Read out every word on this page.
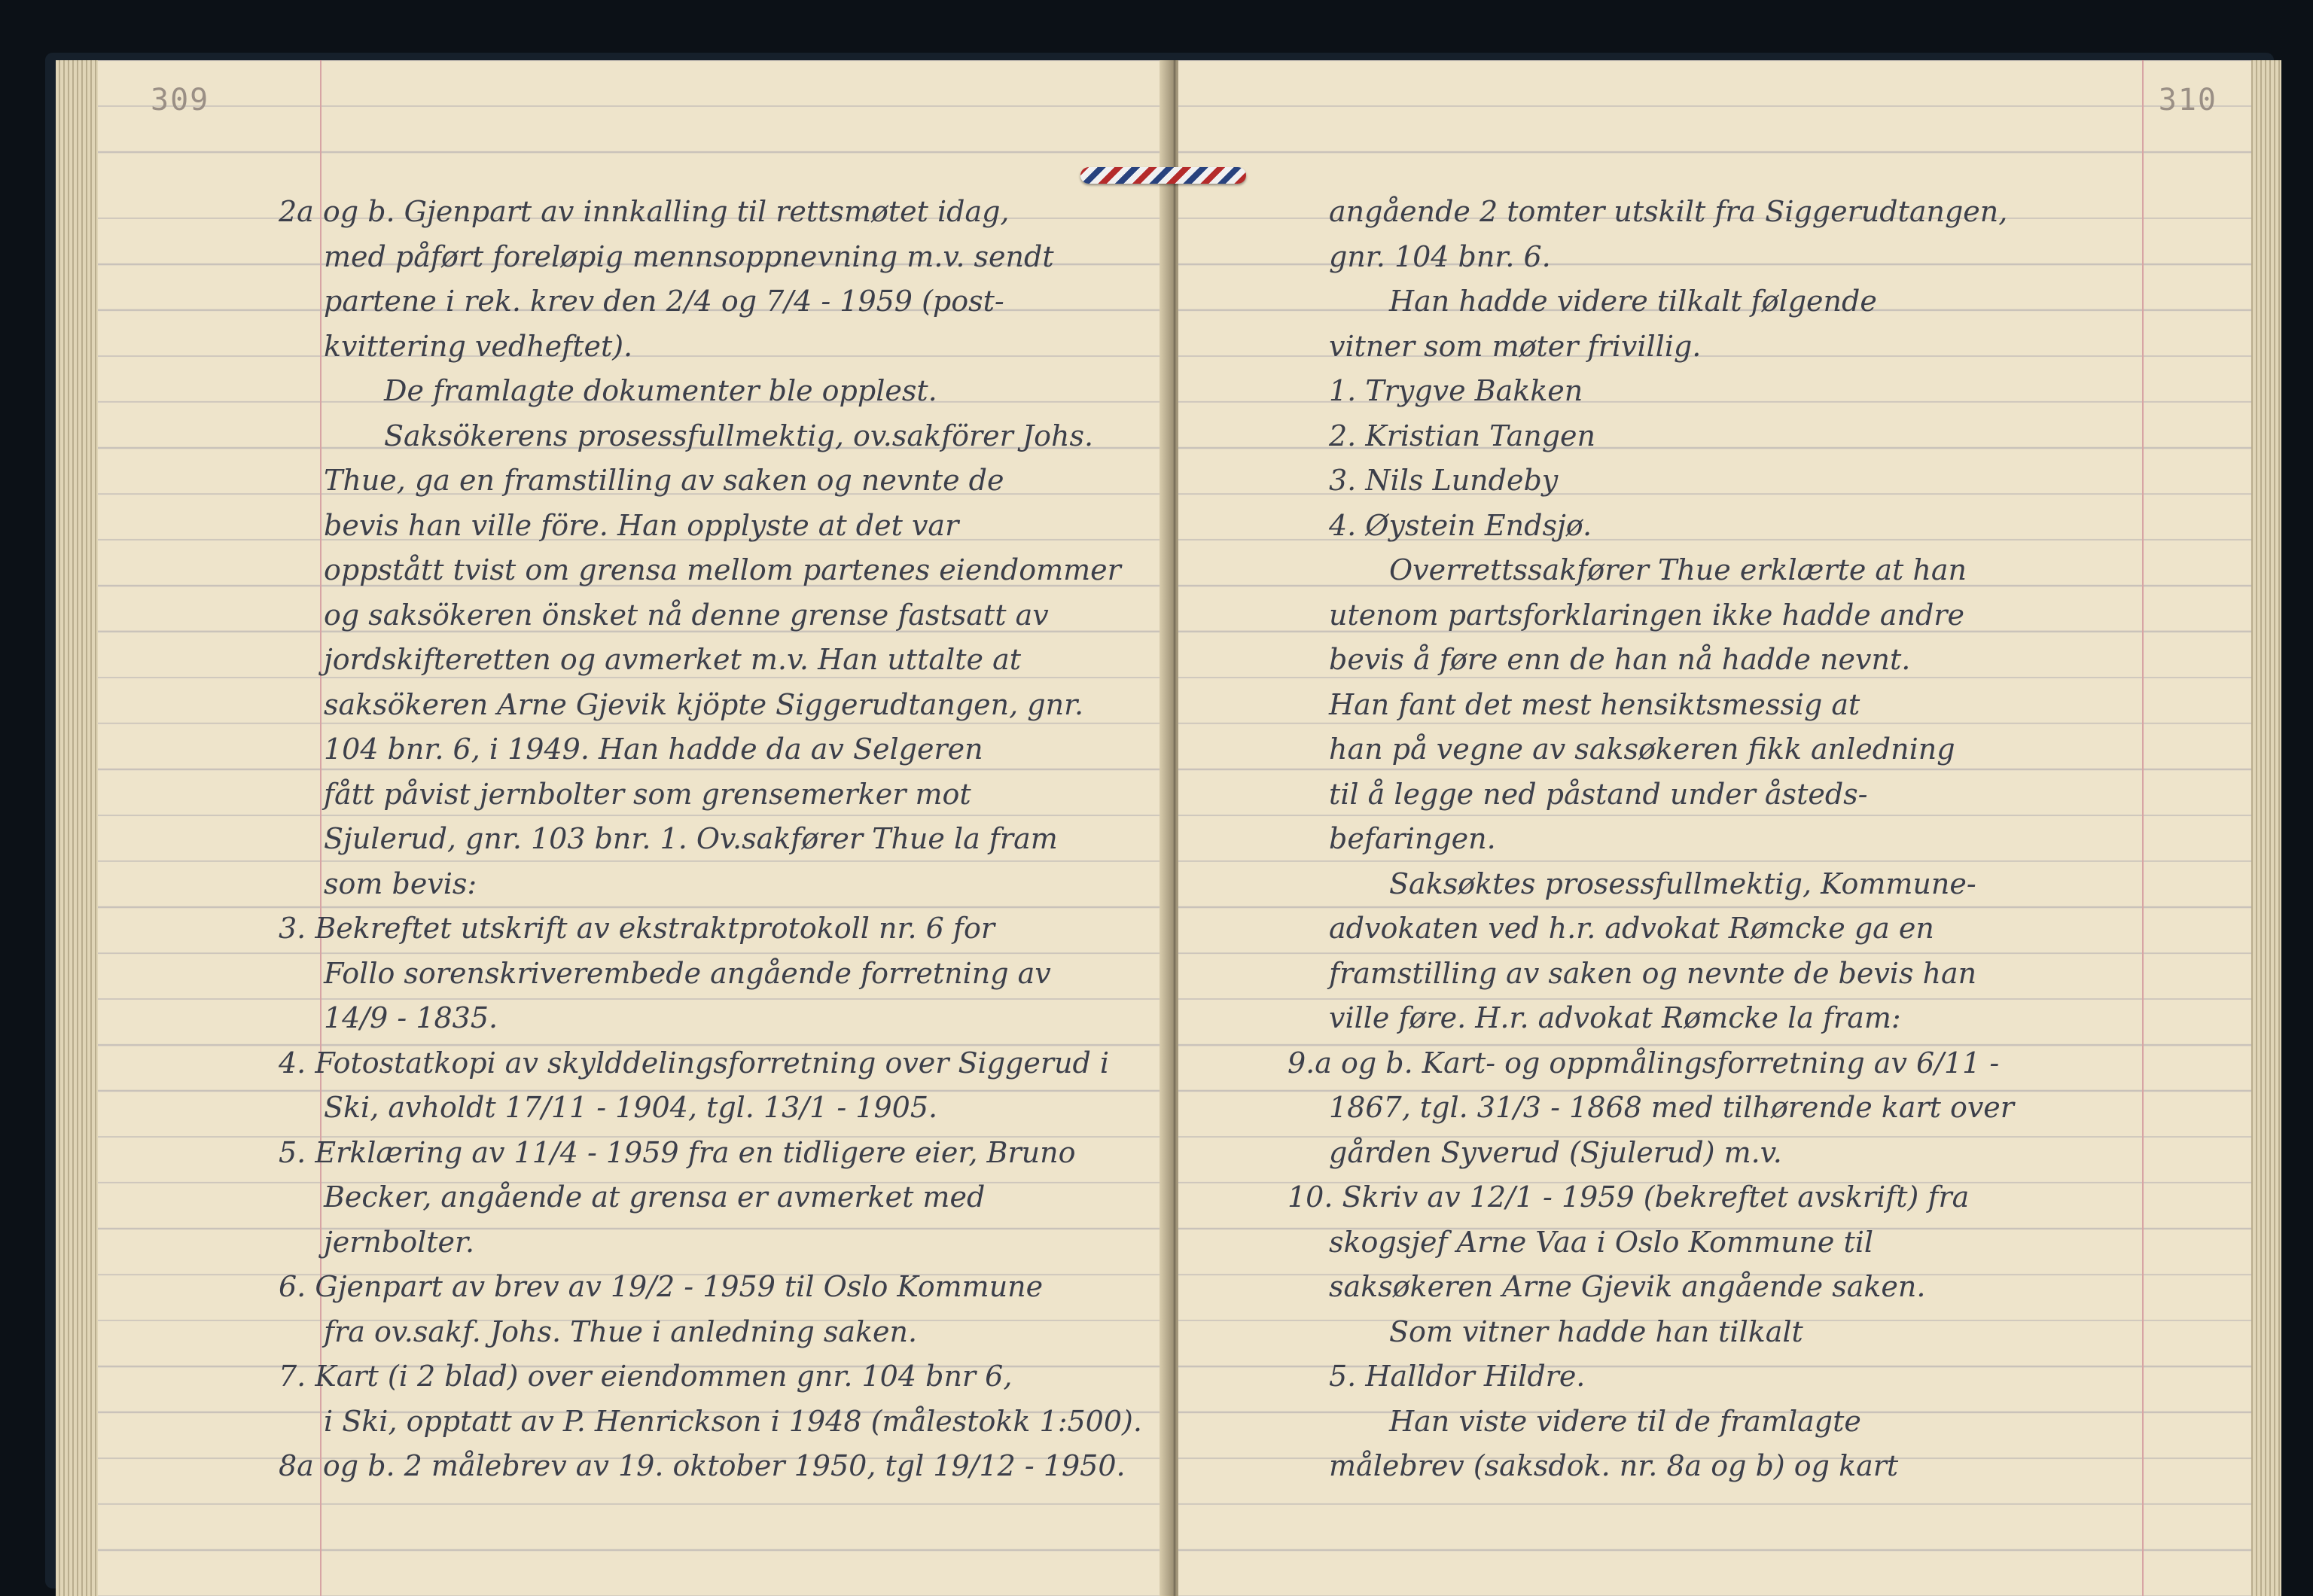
309

2a og b. Gjenpart av innkalling til rettsmøtet idag,

med påført foreløpig mennsoppnevning m.v. sendt

partene i rek. krev den 2/4 og 7/4 - 1959 (post-

kvittering vedheftet).

De framlagte dokumenter ble opplest.

Saksökerens prosessfullmektig, ov.sakförer Johs.

Thue, ga en framstilling av saken og nevnte de

bevis han ville före. Han opplyste at det var

oppstått tvist om grensa mellom partenes eiendommer

og saksökeren önsket nå denne grense fastsatt av

jordskifteretten og avmerket m.v. Han uttalte at

saksökeren Arne Gjevik kjöpte Siggerudtangen, gnr.

104 bnr. 6, i 1949. Han hadde da av Selgeren

fått påvist jernbolter som grensemerker mot

Sjulerud, gnr. 103 bnr. 1. Ov.sakfører Thue la fram

som bevis:

3. Bekreftet utskrift av ekstraktprotokoll nr. 6 for

Follo sorenskriverembede angående forretning av

14/9 - 1835.

4. Fotostatkopi av skylddelingsforretning over Siggerud i

Ski, avholdt 17/11 - 1904, tgl. 13/1 - 1905.

5. Erklæring av 11/4 - 1959 fra en tidligere eier, Bruno

Becker, angående at grensa er avmerket med

jernbolter.

6. Gjenpart av brev av 19/2 - 1959 til Oslo Kommune

fra ov.sakf. Johs. Thue i anledning saken.

7. Kart (i 2 blad) over eiendommen gnr. 104 bnr 6,

i Ski, opptatt av P. Henrickson i 1948 (målestokk 1:500).

8a og b. 2 målebrev av 19. oktober 1950, tgl 19/12 - 1950.

310

angående 2 tomter utskilt fra Siggerudtangen,

gnr. 104 bnr. 6.

Han hadde videre tilkalt følgende

vitner som møter frivillig.

1. Trygve Bakken

2. Kristian Tangen

3. Nils Lundeby

4. Øystein Endsjø.

Overrettssakfører Thue erklærte at han

utenom partsforklaringen ikke hadde andre

bevis å føre enn de han nå hadde nevnt.

Han fant det mest hensiktsmessig at

han på vegne av saksøkeren fikk anledning

til å legge ned påstand under åsteds-

befaringen.

Saksøktes prosessfullmektig, Kommune-

advokaten ved h.r. advokat Rømcke ga en

framstilling av saken og nevnte de bevis han

ville føre. H.r. advokat Rømcke la fram:

9.a og b. Kart- og oppmålingsforretning av 6/11 -

1867, tgl. 31/3 - 1868 med tilhørende kart over

gården Syverud (Sjulerud) m.v.

10. Skriv av 12/1 - 1959 (bekreftet avskrift) fra

skogsjef Arne Vaa i Oslo Kommune til

saksøkeren Arne Gjevik angående saken.

Som vitner hadde han tilkalt

5. Halldor Hildre.

Han viste videre til de framlagte

målebrev (saksdok. nr. 8a og b) og kart
